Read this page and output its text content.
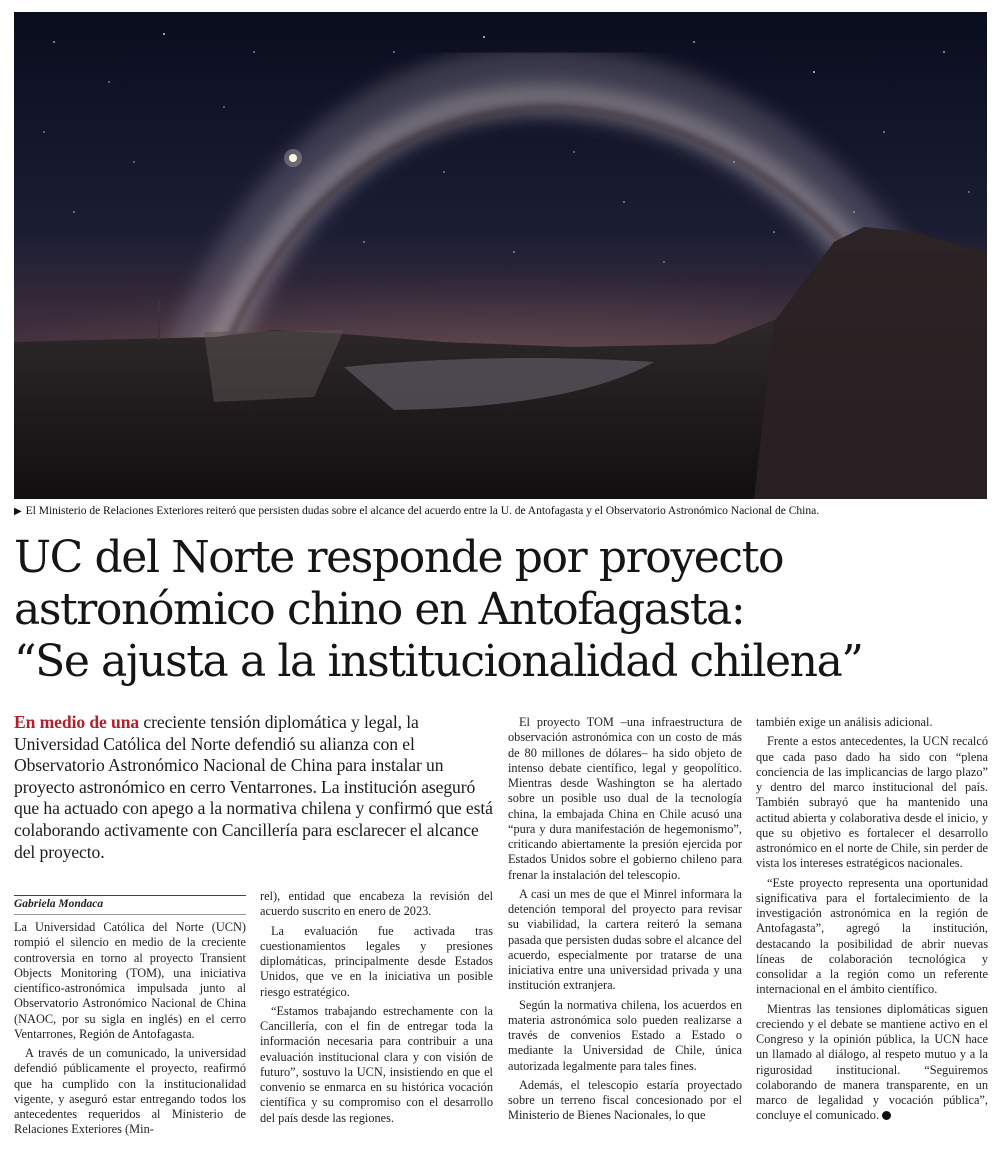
▶ El Ministerio de Relaciones Exteriores reiteró que persisten dudas sobre el alcance del acuerdo entre la U. de Antofagasta y el Observatorio Astronómico Nacional de China.
UC del Norte responde por proyecto
astronómico chino en Antofagasta:
“Se ajusta a la institucionalidad chilena”

En medio de una creciente tensión diplomática y legal, la Universidad Católica del Norte defendió su alianza con el Observatorio Astronómico Nacional de China para instalar un proyecto astronómico en cerro Ventarrones. La institución aseguró que ha actuado con apego a la normativa chilena y confirmó que está colaborando activamente con Cancillería para esclarecer el alcance del proyecto.

Gabriela Mondaca

La Universidad Católica del Norte (UCN) rompió el silencio en medio de la creciente controversia en torno al proyecto Transient Objects Monitoring (TOM), una iniciativa científico-astronómica impulsada junto al Observatorio Astronómico Nacional de China (NAOC, por su sigla en inglés) en el cerro Ventarrones, Región de Antofagasta.

A través de un comunicado, la universidad defendió públicamente el proyecto, reafirmó que ha cumplido con la institucionalidad vigente, y aseguró estar entregando todos los antecedentes requeridos al Ministerio de Relaciones Exteriores (Min-

rel), entidad que encabeza la revisión del acuerdo suscrito en enero de 2023.

La evaluación fue activada tras cuestionamientos legales y presiones diplomáticas, principalmente desde Estados Unidos, que ve en la iniciativa un posible riesgo estratégico.

“Estamos trabajando estrechamente con la Cancillería, con el fin de entregar toda la información necesaria para contribuir a una evaluación institucional clara y con visión de futuro”, sostuvo la UCN, insistiendo en que el convenio se enmarca en su histórica vocación científica y su compromiso con el desarrollo del país desde las regiones.

El proyecto TOM –una infraestructura de observación astronómica con un costo de más de 80 millones de dólares– ha sido objeto de intenso debate científico, legal y geopolítico. Mientras desde Washington se ha alertado sobre un posible uso dual de la tecnología china, la embajada China en Chile acusó una “pura y dura manifestación de hegemonismo”, criticando abiertamente la presión ejercida por Estados Unidos sobre el gobierno chileno para frenar la instalación del telescopio.

A casi un mes de que el Minrel informara la detención temporal del proyecto para revisar su viabilidad, la cartera reiteró la semana pasada que persisten dudas sobre el alcance del acuerdo, especialmente por tratarse de una iniciativa entre una universidad privada y una institución extranjera.

Según la normativa chilena, los acuerdos en materia astronómica solo pueden realizarse a través de convenios Estado a Estado o mediante la Universidad de Chile, única autorizada legalmente para tales fines.

Además, el telescopio estaría proyectado sobre un terreno fiscal concesionado por el Ministerio de Bienes Nacionales, lo que

también exige un análisis adicional.

Frente a estos antecedentes, la UCN recalcó que cada paso dado ha sido con “plena conciencia de las implicancias de largo plazo” y dentro del marco institucional del país. También subrayó que ha mantenido una actitud abierta y colaborativa desde el inicio, y que su objetivo es fortalecer el desarrollo astronómico en el norte de Chile, sin perder de vista los intereses estratégicos nacionales.

“Este proyecto representa una oportunidad significativa para el fortalecimiento de la investigación astronómica en la región de Antofagasta”, agregó la institución, destacando la posibilidad de abrir nuevas líneas de colaboración tecnológica y consolidar a la región como un referente internacional en el ámbito científico.

Mientras las tensiones diplomáticas siguen creciendo y el debate se mantiene activo en el Congreso y la opinión pública, la UCN hace un llamado al diálogo, al respeto mutuo y a la rigurosidad institucional. “Seguiremos colaborando de manera transparente, en un marco de legalidad y vocación pública”, concluye el comunicado.
